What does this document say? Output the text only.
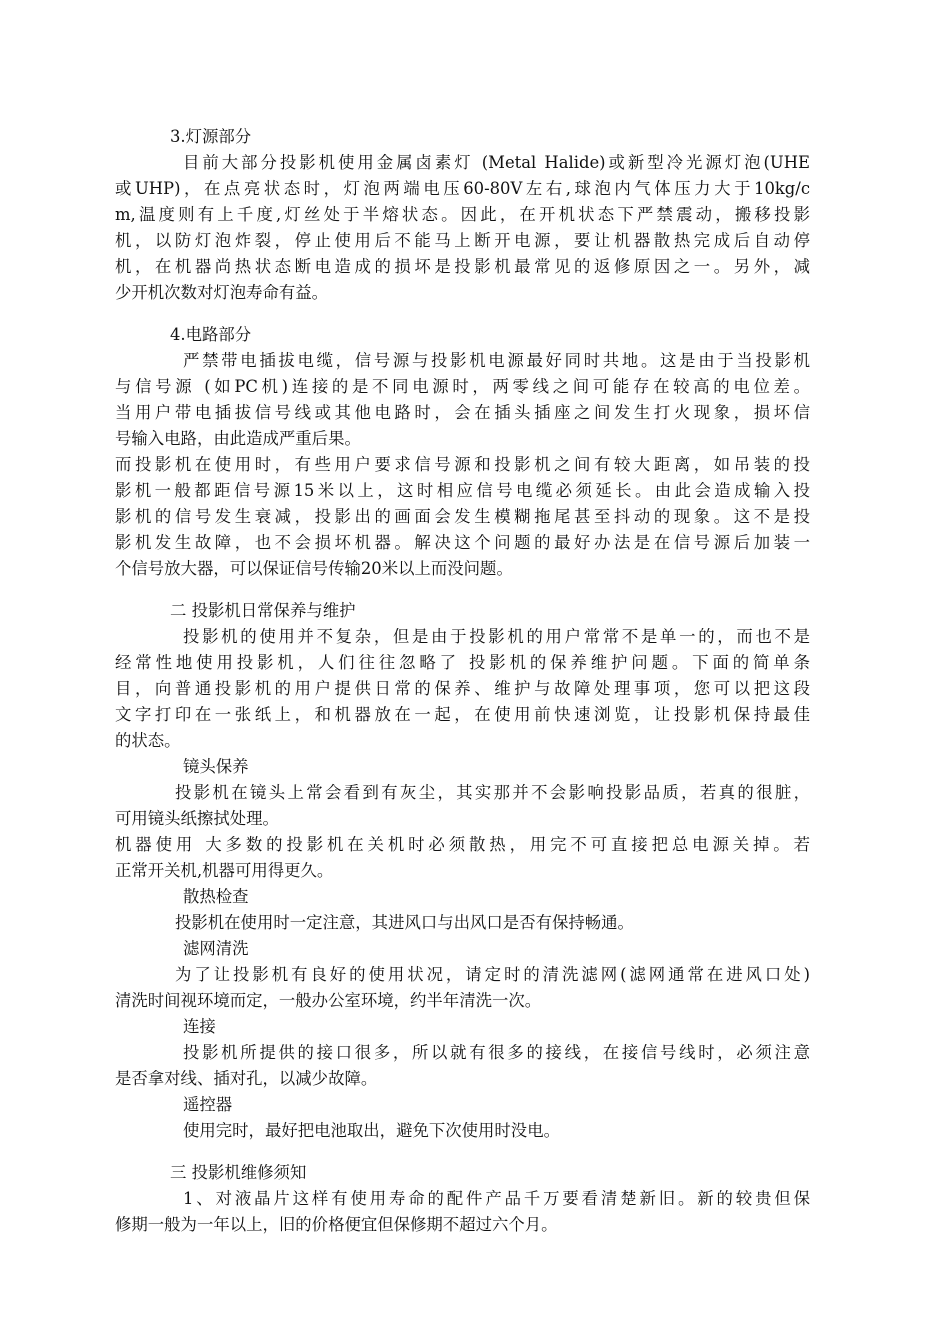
3.灯源部分
目前大部分投影机使用金属卤素灯 (Metal Halide)或新型冷光源灯泡(UHE
或UHP)，在点亮状态时，灯泡两端电压60-80V左右,球泡内气体压力大于10kg/c
m,温度则有上千度,灯丝处于半熔状态。因此，在开机状态下严禁震动，搬移投影
机，以防灯泡炸裂，停止使用后不能马上断开电源，要让机器散热完成后自动停
机，在机器尚热状态断电造成的损坏是投影机最常见的返修原因之一。另外，减
少开机次数对灯泡寿命有益。
4.电路部分
严禁带电插拔电缆，信号源与投影机电源最好同时共地。这是由于当投影机
与信号源 (如PC机)连接的是不同电源时，两零线之间可能存在较高的电位差。
当用户带电插拔信号线或其他电路时，会在插头插座之间发生打火现象，损坏信
号输入电路，由此造成严重后果。
而投影机在使用时，有些用户要求信号源和投影机之间有较大距离，如吊装的投
影机一般都距信号源15米以上，这时相应信号电缆必须延长。由此会造成输入投
影机的信号发生衰减，投影出的画面会发生模糊拖尾甚至抖动的现象。这不是投
影机发生故障，也不会损坏机器。解决这个问题的最好办法是在信号源后加装一
个信号放大器，可以保证信号传输20米以上而没问题。
二 投影机日常保养与维护
投影机的使用并不复杂，但是由于投影机的用户常常不是单一的，而也不是
经常性地使用投影机，人们往往忽略了 投影机的保养维护问题。下面的简单条
目，向普通投影机的用户提供日常的保养、维护与故障处理事项，您可以把这段
文字打印在一张纸上，和机器放在一起，在使用前快速浏览，让投影机保持最佳
的状态。
镜头保养
投影机在镜头上常会看到有灰尘，其实那并不会影响投影品质，若真的很脏，
可用镜头纸擦拭处理。
机器使用 大多数的投影机在关机时必须散热，用完不可直接把总电源关掉。若
正常开关机,机器可用得更久。
散热检查
投影机在使用时一定注意，其进风口与出风口是否有保持畅通。
滤网清洗
为了让投影机有良好的使用状况，请定时的清洗滤网(滤网通常在进风口处)
清洗时间视环境而定，一般办公室环境，约半年清洗一次。
连接
投影机所提供的接口很多，所以就有很多的接线，在接信号线时，必须注意
是否拿对线、插对孔，以减少故障。
遥控器
使用完时，最好把电池取出，避免下次使用时没电。
三 投影机维修须知
1、对液晶片这样有使用寿命的配件产品千万要看清楚新旧。新的较贵但保
修期一般为一年以上，旧的价格便宜但保修期不超过六个月。
